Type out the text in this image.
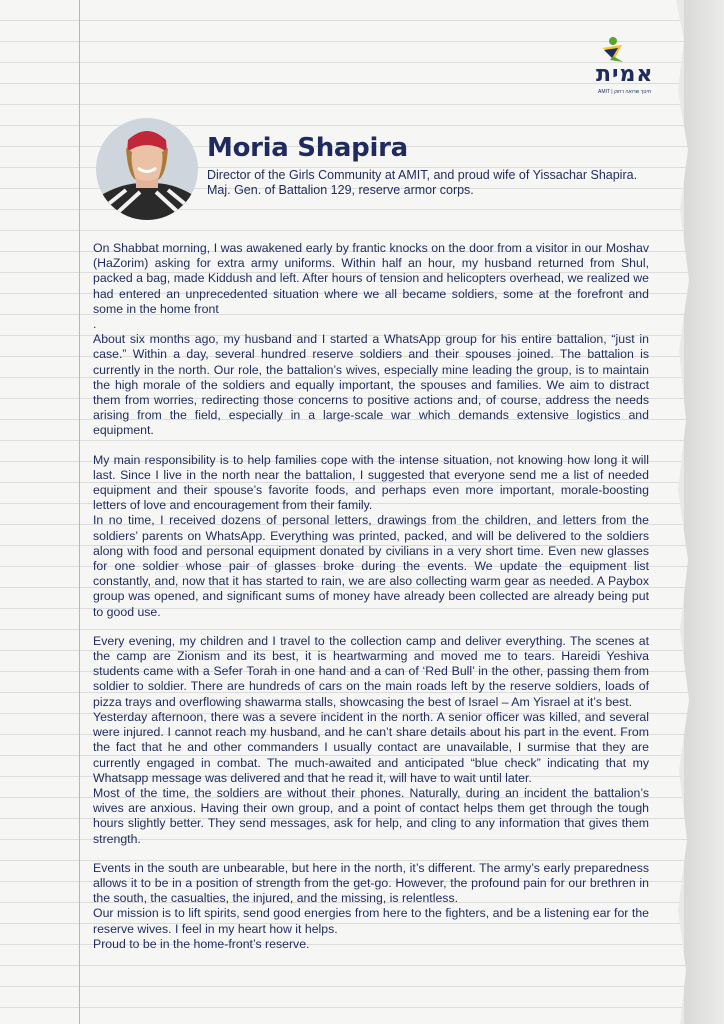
אמית
AMIT | חינוך שרואה רחוק
Moria Shapira
Director of the Girls Community at AMIT, and proud wife of Yissachar Shapira.
Maj. Gen. of Battalion 129, reserve armor corps.

On Shabbat morning, I was awakened early by frantic knocks on the door from a visitor in our Moshav (HaZorim) asking for extra army uniforms. Within half an hour, my husband returned from Shul, packed a bag, made Kiddush and left. After hours of tension and helicopters overhead, we realized we had entered an unprecedented situation where we all became soldiers, some at the forefront and some in the home front

.

About six months ago, my husband and I started a WhatsApp group for his entire battalion, “just in case.” Within a day, several hundred reserve soldiers and their spouses joined. The battalion is currently in the north. Our role, the battalion’s wives, especially mine leading the group, is to maintain the high morale of the soldiers and equally important, the spouses and families. We aim to distract them from worries, redirecting those concerns to positive actions and, of course, address the needs arising from the field, especially in a large-scale war which demands extensive logistics and equipment.

My main responsibility is to help families cope with the intense situation, not knowing how long it will last. Since I live in the north near the battalion, I suggested that everyone send me a list of needed equipment and their spouse’s favorite foods, and perhaps even more important, morale-boosting letters of love and encouragement from their family.

In no time, I received dozens of personal letters, drawings from the children, and letters from the soldiers’ parents on WhatsApp. Everything was printed, packed, and will be delivered to the soldiers along with food and personal equipment donated by civilians in a very short time. Even new glasses for one soldier whose pair of glasses broke during the events. We update the equipment list constantly, and, now that it has started to rain, we are also collecting warm gear as needed. A Paybox group was opened, and significant sums of money have already been collected are already being put to good use.

Every evening, my children and I travel to the collection camp and deliver everything. The scenes at the camp are Zionism and its best, it is heartwarming and moved me to tears. Hareidi Yeshiva students came with a Sefer Torah in one hand and a can of ‘Red Bull’ in the other, passing them from soldier to soldier. There are hundreds of cars on the main roads left by the reserve soldiers, loads of pizza trays and overflowing shawarma stalls, showcasing the best of Israel – Am Yisrael at it’s best.

Yesterday afternoon, there was a severe incident in the north. A senior officer was killed, and several were injured. I cannot reach my husband, and he can’t share details about his part in the event. From the fact that he and other commanders I usually contact are unavailable, I surmise that they are currently engaged in combat. The much-awaited and anticipated “blue check” indicating that my Whatsapp message was delivered and that he read it, will have to wait until later.

Most of the time, the soldiers are without their phones. Naturally, during an incident the battalion’s wives are anxious. Having their own group, and a point of contact helps them get through the tough hours slightly better. They send messages, ask for help, and cling to any information that gives them strength.

Events in the south are unbearable, but here in the north, it’s different. The army’s early preparedness allows it to be in a position of strength from the get-go. However, the profound pain for our brethren in the south, the casualties, the injured, and the missing, is relentless.

Our mission is to lift spirits, send good energies from here to the fighters, and be a listening ear for the reserve wives. I feel in my heart how it helps.

Proud to be in the home-front’s reserve.
